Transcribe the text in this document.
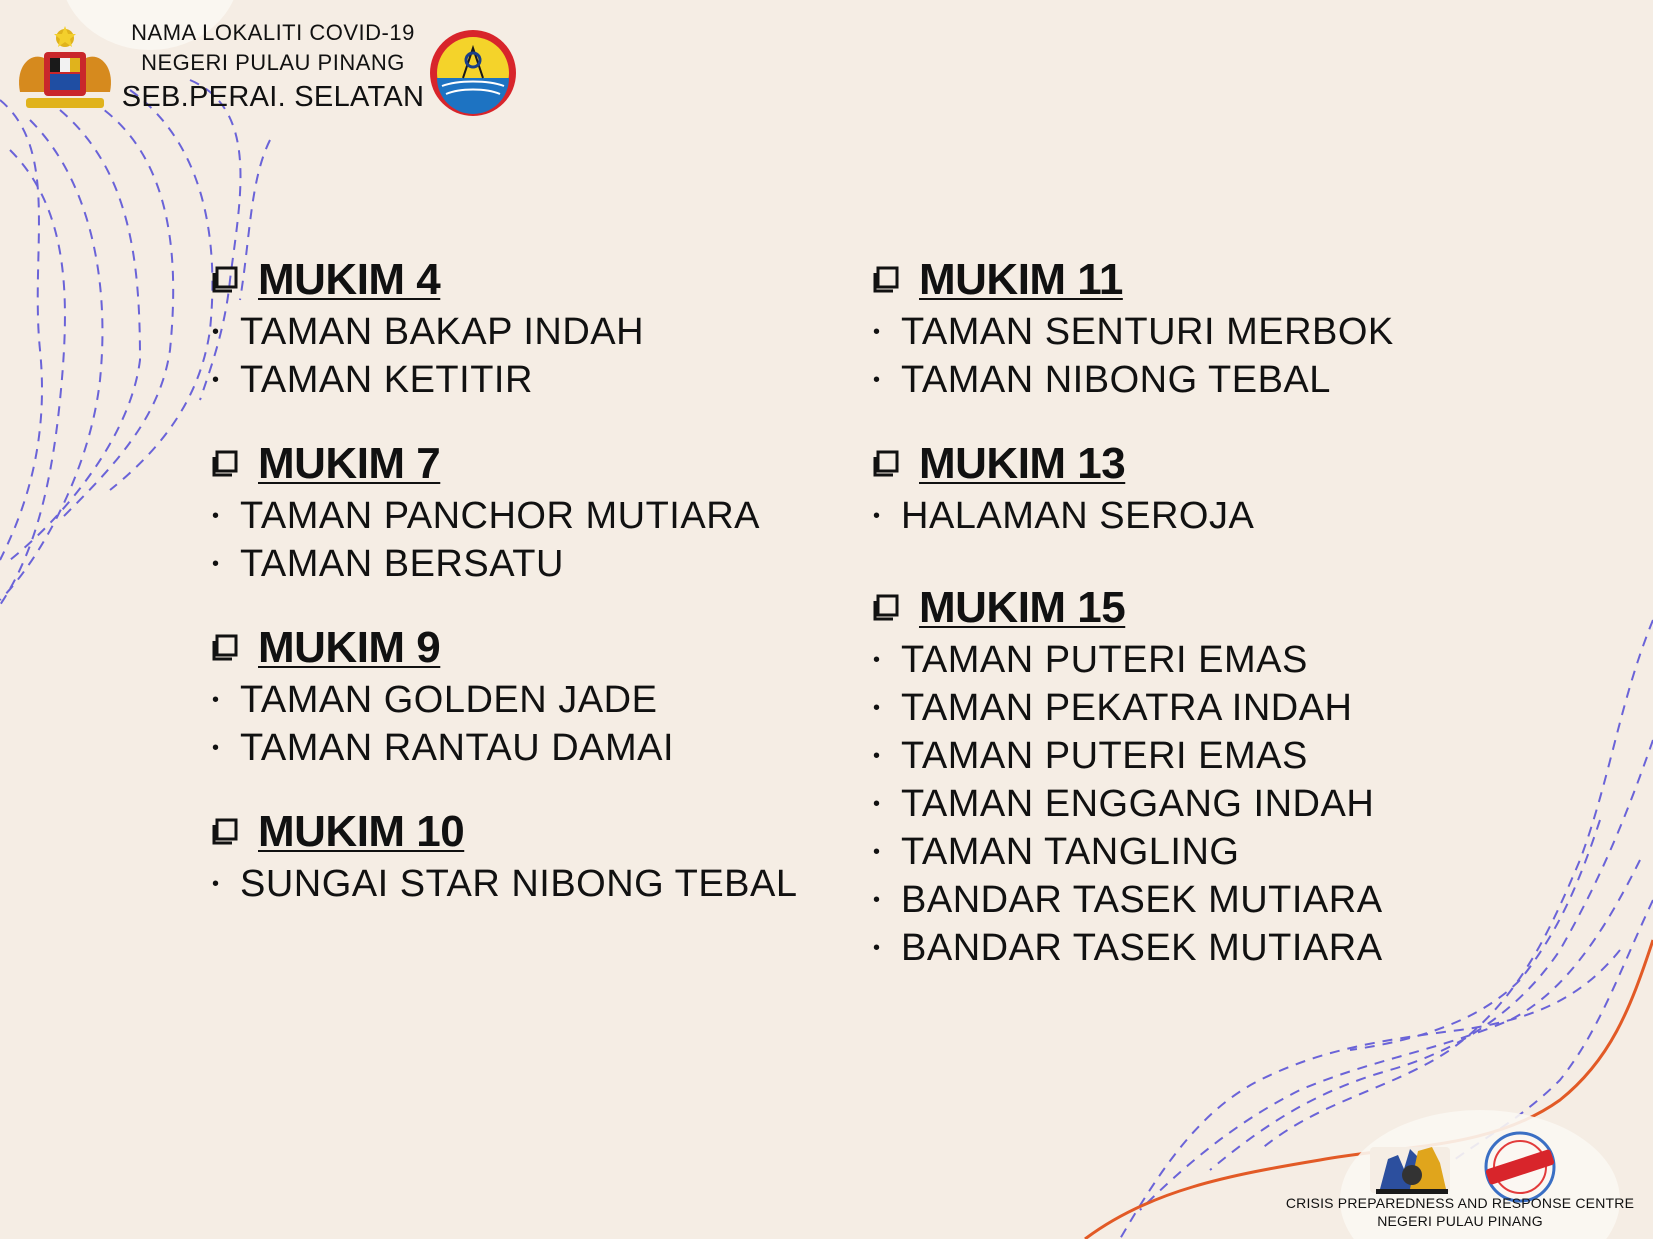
NAMA LOKALITI COVID-19
NEGERI PULAU PINANG
SEB.PERAI. SELATAN
MUKIM 4
• TAMAN BAKAP INDAH
• TAMAN KETITIR
MUKIM 7
• TAMAN PANCHOR MUTIARA
• TAMAN BERSATU
MUKIM 9
• TAMAN GOLDEN JADE
• TAMAN RANTAU DAMAI
MUKIM 10
• SUNGAI STAR NIBONG TEBAL
MUKIM 11
• TAMAN SENTURI MERBOK
• TAMAN NIBONG TEBAL
MUKIM 13
• HALAMAN SEROJA
MUKIM 15
• TAMAN PUTERI EMAS
• TAMAN PEKATRA INDAH
• TAMAN PUTERI EMAS
• TAMAN ENGGANG INDAH
• TAMAN TANGLING
• BANDAR TASEK MUTIARA
• BANDAR TASEK MUTIARA
CRISIS PREPAREDNESS AND RESPONSE CENTRE
NEGERI PULAU PINANG
